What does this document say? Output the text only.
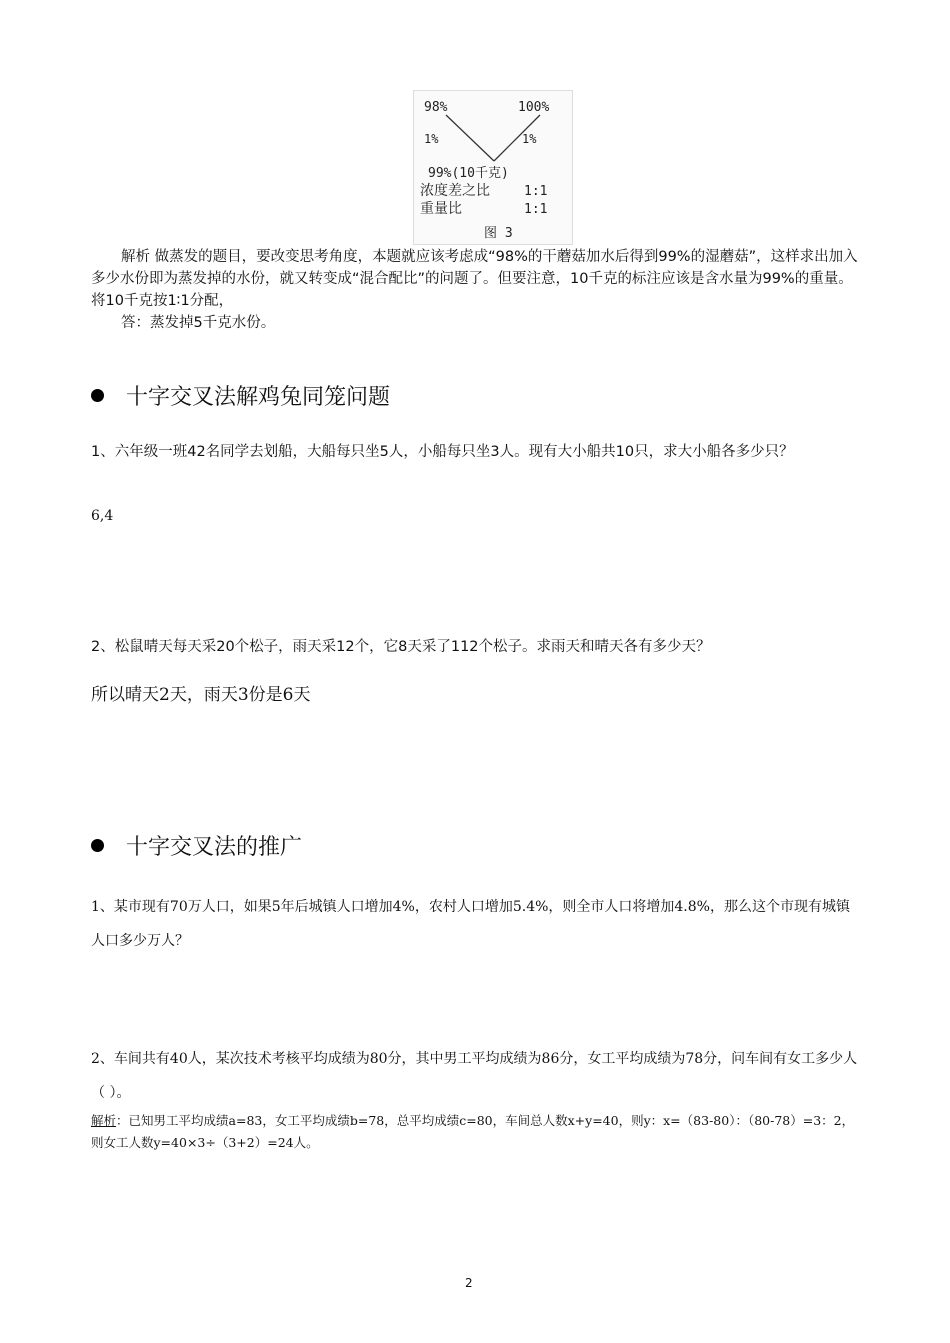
98%	100%
1%	1%
99%(10千克)
浓度差之比	1:1
重量比	1:1
图 3
解析 做蒸发的题目，要改变思考角度，本题就应该考虑成“98%的干蘑菇加水后得到99%的湿蘑菇”，这样求出加入多少水份即为蒸发掉的水份，就又转变成“混合配比”的问题了。但要注意，10千克的标注应该是含水量为99%的重量。将10千克按1∶1分配，
答：蒸发掉5千克水份。
十字交叉法解鸡兔同笼问题
1、六年级一班42名同学去划船，大船每只坐5人，小船每只坐3人。现有大小船共10只，求大小船各多少只？
6,4
2、松鼠晴天每天采20个松子，雨天采12个，它8天采了112个松子。求雨天和晴天各有多少天？
所以晴天2天，雨天3份是6天
十字交叉法的推广
1、某市现有70万人口，如果5年后城镇人口增加4%，农村人口增加5.4%，则全市人口将增加4.8%，那么这个市现有城镇人口多少万人？
2、车间共有40人，某次技术考核平均成绩为80分，其中男工平均成绩为86分，女工平均成绩为78分，问车间有女工多少人（ ）。
解析：已知男工平均成绩a=83，女工平均成绩b=78，总平均成绩c=80，车间总人数x+y=40，则y：x=（83-80）：（80-78）=3：2，则女工人数y=40×3÷（3+2）=24人。
2
